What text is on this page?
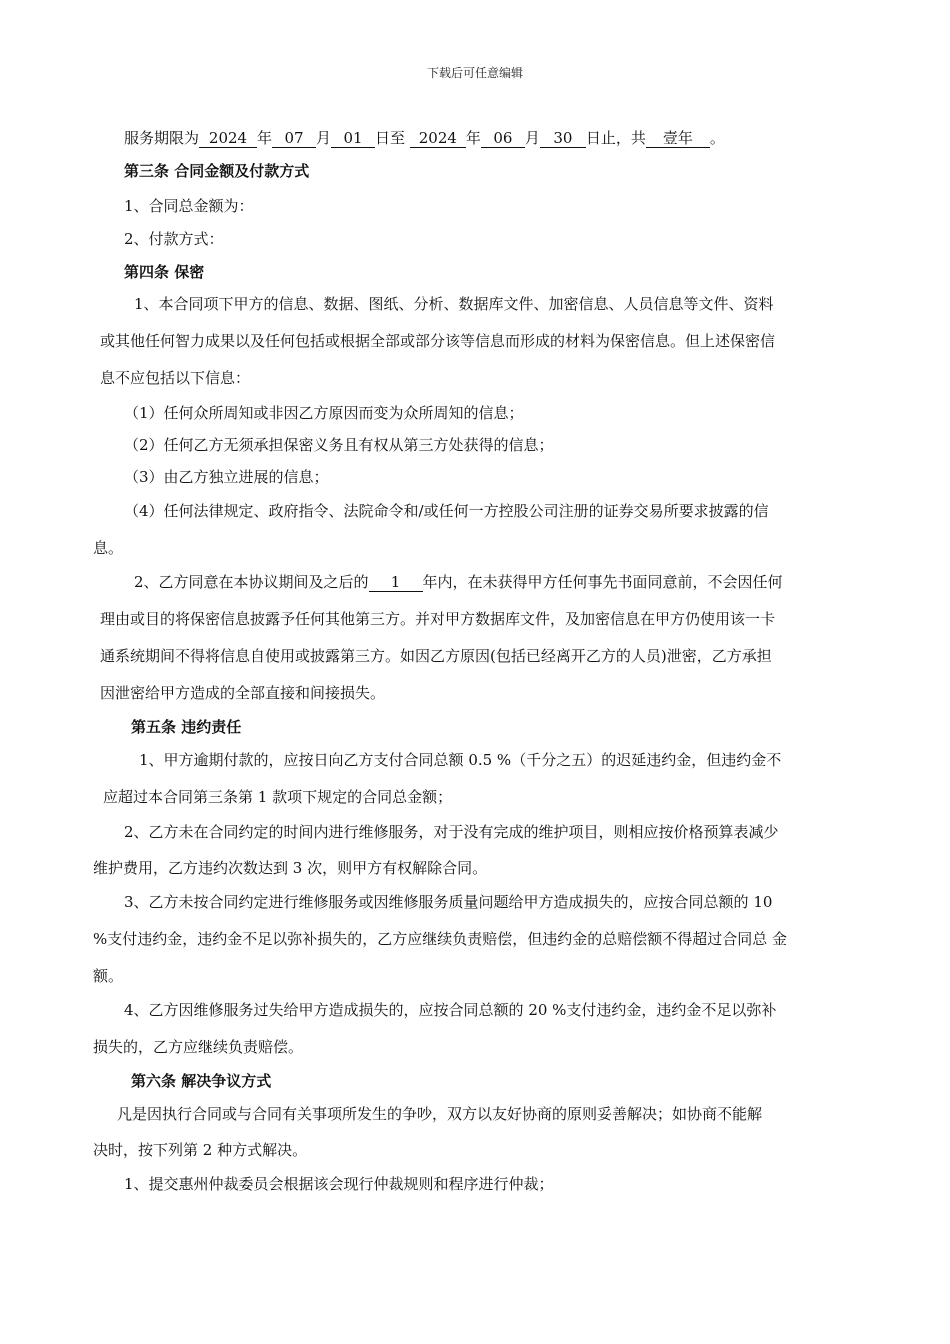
下载后可任意编辑
服务期限为 2024 年 07 月 01 日至 2024 年 06 月 30 日止，共 壹年 。
第三条 合同金额及付款方式
1、合同总金额为：
2、付款方式：
第四条 保密
1、本合同项下甲方的信息、数据、图纸、分析、数据库文件、加密信息、人员信息等文件、资料
或其他任何智力成果以及任何包括或根据全部或部分该等信息而形成的材料为保密信息。但上述保密信
息不应包括以下信息：
（1）任何众所周知或非因乙方原因而变为众所周知的信息；
（2）任何乙方无须承担保密义务且有权从第三方处获得的信息；
（3）由乙方独立进展的信息；
（4）任何法律规定、政府指令、法院命令和/或任何一方控股公司注册的证券交易所要求披露的信
息。
2、乙方同意在本协议期间及之后的 1 年内，在未获得甲方任何事先书面同意前，不会因任何
理由或目的将保密信息披露予任何其他第三方。并对甲方数据库文件，及加密信息在甲方仍使用该一卡
通系统期间不得将信息自使用或披露第三方。如因乙方原因(包括已经离开乙方的人员)泄密，乙方承担
因泄密给甲方造成的全部直接和间接损失。
第五条 违约责任
1、甲方逾期付款的，应按日向乙方支付合同总额 0.5 %（千分之五）的迟延违约金，但违约金不
应超过本合同第三条第 1 款项下规定的合同总金额；
2、乙方未在合同约定的时间内进行维修服务，对于没有完成的维护项目，则相应按价格预算表减少
维护费用，乙方违约次数达到 3 次，则甲方有权解除合同。
3、乙方未按合同约定进行维修服务或因维修服务质量问题给甲方造成损失的，应按合同总额的 10
%支付违约金，违约金不足以弥补损失的，乙方应继续负责赔偿，但违约金的总赔偿额不得超过合同总 金
额。
4、乙方因维修服务过失给甲方造成损失的，应按合同总额的 20 %支付违约金，违约金不足以弥补
损失的，乙方应继续负责赔偿。
第六条 解决争议方式
凡是因执行合同或与合同有关事项所发生的争吵，双方以友好协商的原则妥善解决；如协商不能解
决时，按下列第 2 种方式解决。
1、提交惠州仲裁委员会根据该会现行仲裁规则和程序进行仲裁；
